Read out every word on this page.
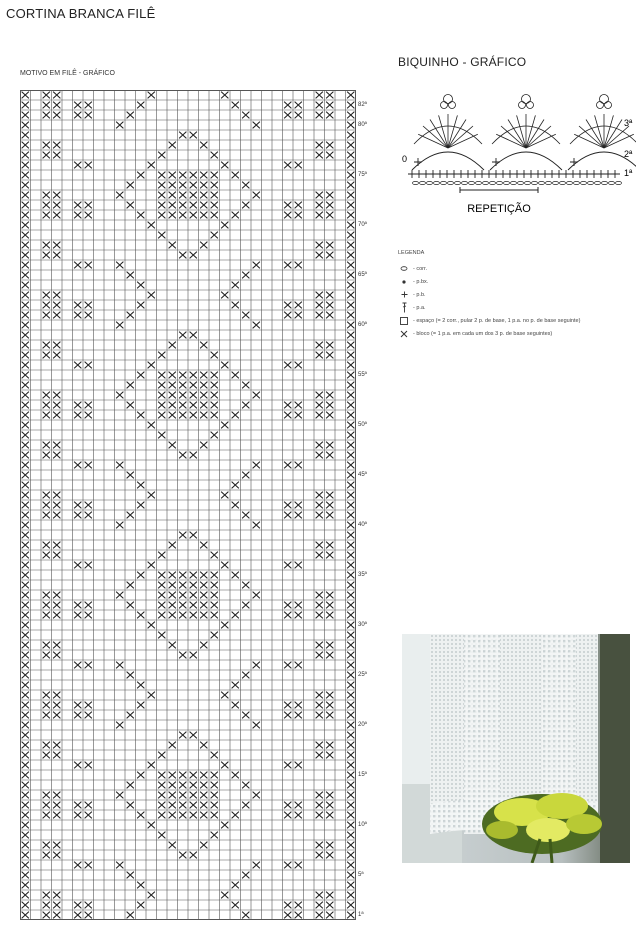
CORTINA BRANCA FILÊ
MOTIVO EM FILÊ - GRÁFICO
82ª
80ª
75ª
70ª
65ª
60ª
55ª
50ª
45ª
40ª
35ª
30ª
25ª
20ª
15ª
10ª
5ª
1ª
BIQUINHO - GRÁFICO
3ª
2ª
1ª
0
REPETIÇÃO
LEGENDA
- corr.
- p.bx.
- p.b.
- p.a.
- espaço (= 2 corr., pular 2 p. de base, 1 p.a. no p. de base seguinte)
- bloco (= 1 p.a. em cada um dos 3 p. de base seguintes)
